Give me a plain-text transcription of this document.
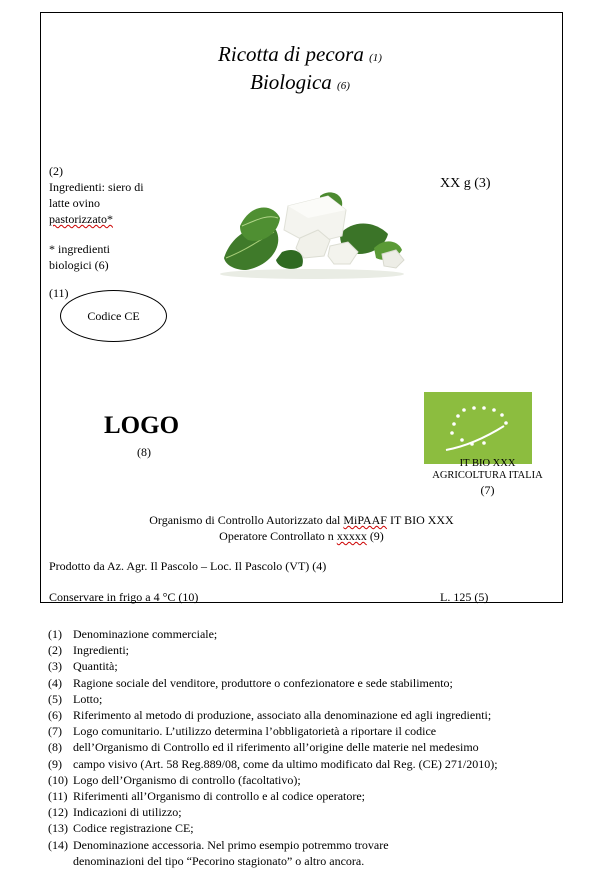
Ricotta di pecora (1)
Biologica (6)
(2)
Ingredienti: siero di
latte ovino
pastorizzato*
* ingredienti
biologici (6)
XX g (3)
(11)
Codice CE
LOGO
(8)
IT BIO XXX
AGRICOLTURA ITALIA
(7)
Organismo di Controllo Autorizzato dal MiPAAF IT BIO XXX
Operatore Controllato n xxxxx (9)
Prodotto da Az. Agr. Il Pascolo – Loc. Il Pascolo (VT) (4)
Conservare in frigo a 4 °C (10)	L. 125 (5)
(1) Denominazione commerciale;
(2) Ingredienti;
(3) Quantità;
(4) Ragione sociale del venditore, produttore o confezionatore e sede stabilimento;
(5) Lotto;
(6) Riferimento al metodo di produzione, associato alla denominazione ed agli ingredienti;
(7) Logo comunitario. L’utilizzo determina l’obbligatorietà a riportare il codice
(8) dell’Organismo di Controllo ed il riferimento all’origine delle materie nel medesimo
(9) campo visivo (Art. 58 Reg.889/08, come da ultimo modificato dal Reg. (CE) 271/2010);
(10) Logo dell’Organismo di controllo (facoltativo);
(11) Riferimenti all’Organismo di controllo e al codice operatore;
(12) Indicazioni di utilizzo;
(13) Codice registrazione CE;
(14) Denominazione accessoria. Nel primo esempio potremmo trovare
denominazioni del tipo “Pecorino stagionato” o altro ancora.
